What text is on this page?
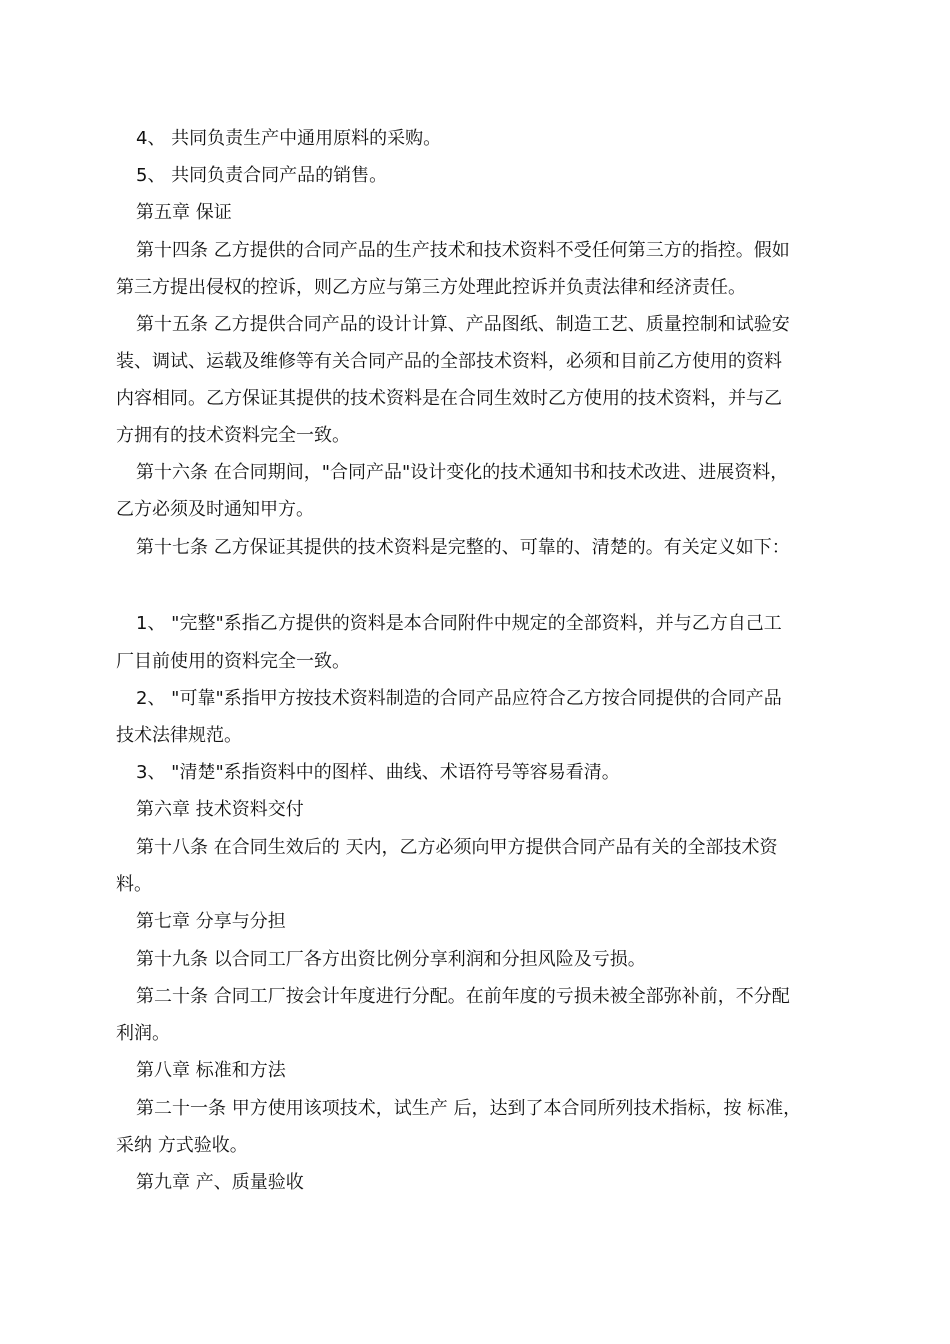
4、 共同负责生产中通用原料的采购。
5、 共同负责合同产品的销售。
第五章 保证
第十四条 乙方提供的合同产品的生产技术和技术资料不受任何第三方的指控。假如
第三方提出侵权的控诉，则乙方应与第三方处理此控诉并负责法律和经济责任。
第十五条 乙方提供合同产品的设计计算、产品图纸、制造工艺、质量控制和试验安
装、调试、运载及维修等有关合同产品的全部技术资料，必须和目前乙方使用的资料
内容相同。乙方保证其提供的技术资料是在合同生效时乙方使用的技术资料，并与乙
方拥有的技术资料完全一致。
第十六条 在合同期间，"合同产品"设计变化的技术通知书和技术改进、进展资料，
乙方必须及时通知甲方。
第十七条 乙方保证其提供的技术资料是完整的、可靠的、清楚的。有关定义如下：
1、 "完整"系指乙方提供的资料是本合同附件中规定的全部资料，并与乙方自己工
厂目前使用的资料完全一致。
2、 "可靠"系指甲方按技术资料制造的合同产品应符合乙方按合同提供的合同产品
技术法律规范。
3、 "清楚"系指资料中的图样、曲线、术语符号等容易看清。
第六章 技术资料交付
第十八条 在合同生效后的 天内，乙方必须向甲方提供合同产品有关的全部技术资
料。
第七章 分享与分担
第十九条 以合同工厂各方出资比例分享利润和分担风险及亏损。
第二十条 合同工厂按会计年度进行分配。在前年度的亏损未被全部弥补前，不分配
利润。
第八章 标准和方法
第二十一条 甲方使用该项技术，试生产 后，达到了本合同所列技术指标，按 标准，
采纳 方式验收。
第九章 产、质量验收
